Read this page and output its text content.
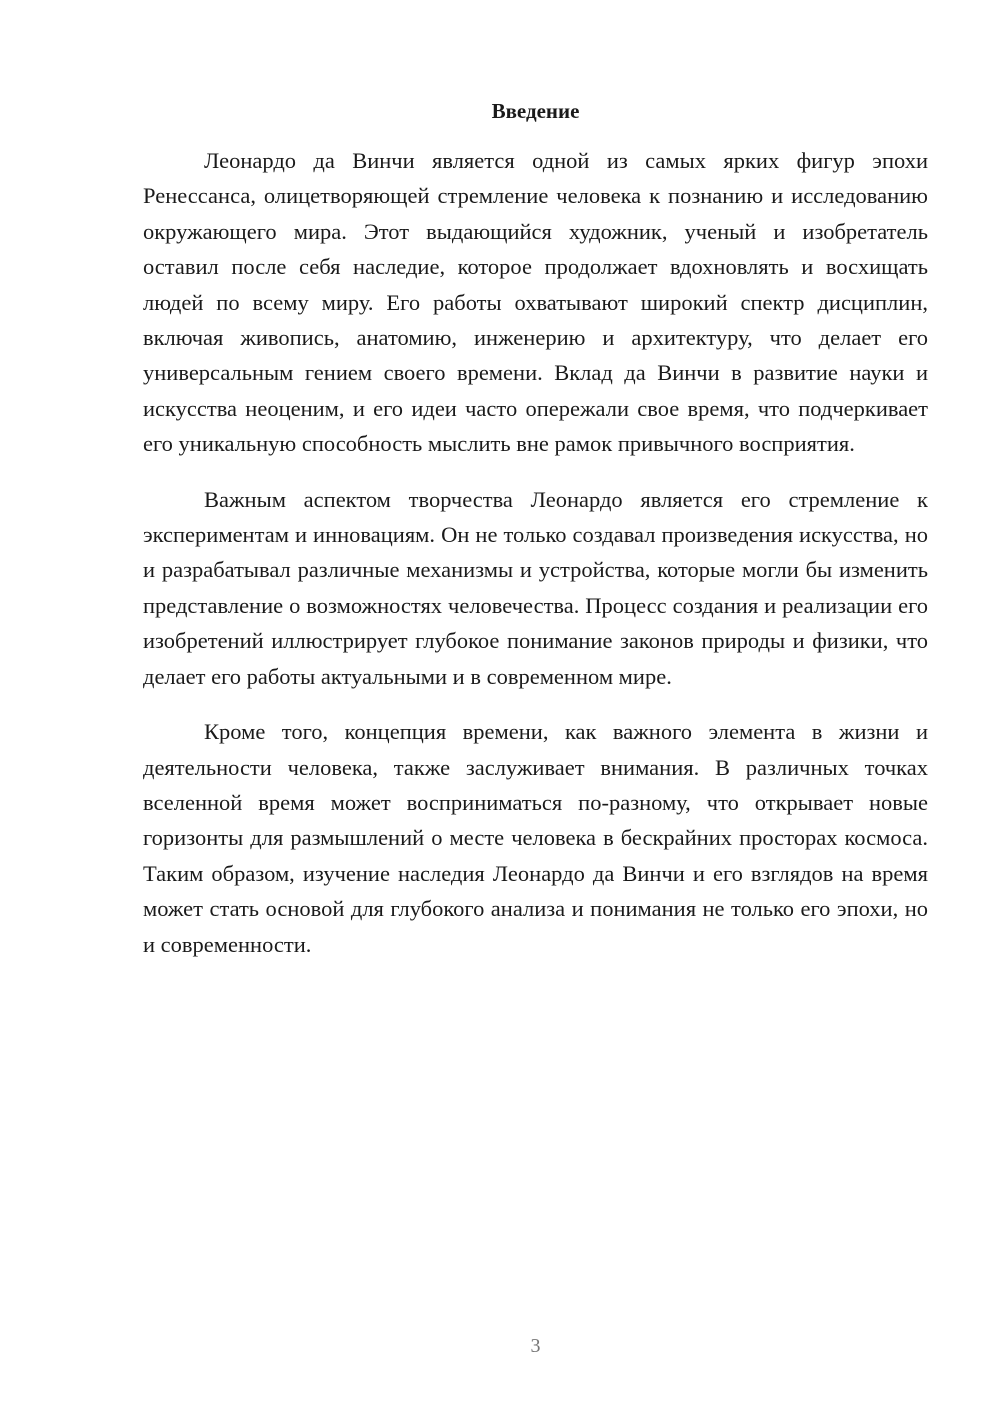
Введение

Леонардо да Винчи является одной из самых ярких фигур эпохи Ренессанса, олицетворяющей стремление человека к познанию и исследованию окружающего мира. Этот выдающийся художник, ученый и изобретатель оставил после себя наследие, которое продолжает вдохновлять и восхищать людей по всему миру. Его работы охватывают широкий спектр дисциплин, включая живопись, анатомию, инженерию и архитектуру, что делает его универсальным гением своего времени. Вклад да Винчи в развитие науки и искусства неоценим, и его идеи часто опережали свое время, что подчеркивает его уникальную способность мыслить вне рамок привычного восприятия.

Важным аспектом творчества Леонардо является его стремление к экспериментам и инновациям. Он не только создавал произведения искусства, но и разрабатывал различные механизмы и устройства, которые могли бы изменить представление о возможностях человечества. Процесс создания и реализации его изобретений иллюстрирует глубокое понимание законов природы и физики, что делает его работы актуальными и в современном мире.

Кроме того, концепция времени, как важного элемента в жизни и деятельности человека, также заслуживает внимания. В различных точках вселенной время может восприниматься по-разному, что открывает новые горизонты для размышлений о месте человека в бескрайних просторах космоса. Таким образом, изучение наследия Леонардо да Винчи и его взглядов на время может стать основой для глубокого анализа и понимания не только его эпохи, но и современности.

3
